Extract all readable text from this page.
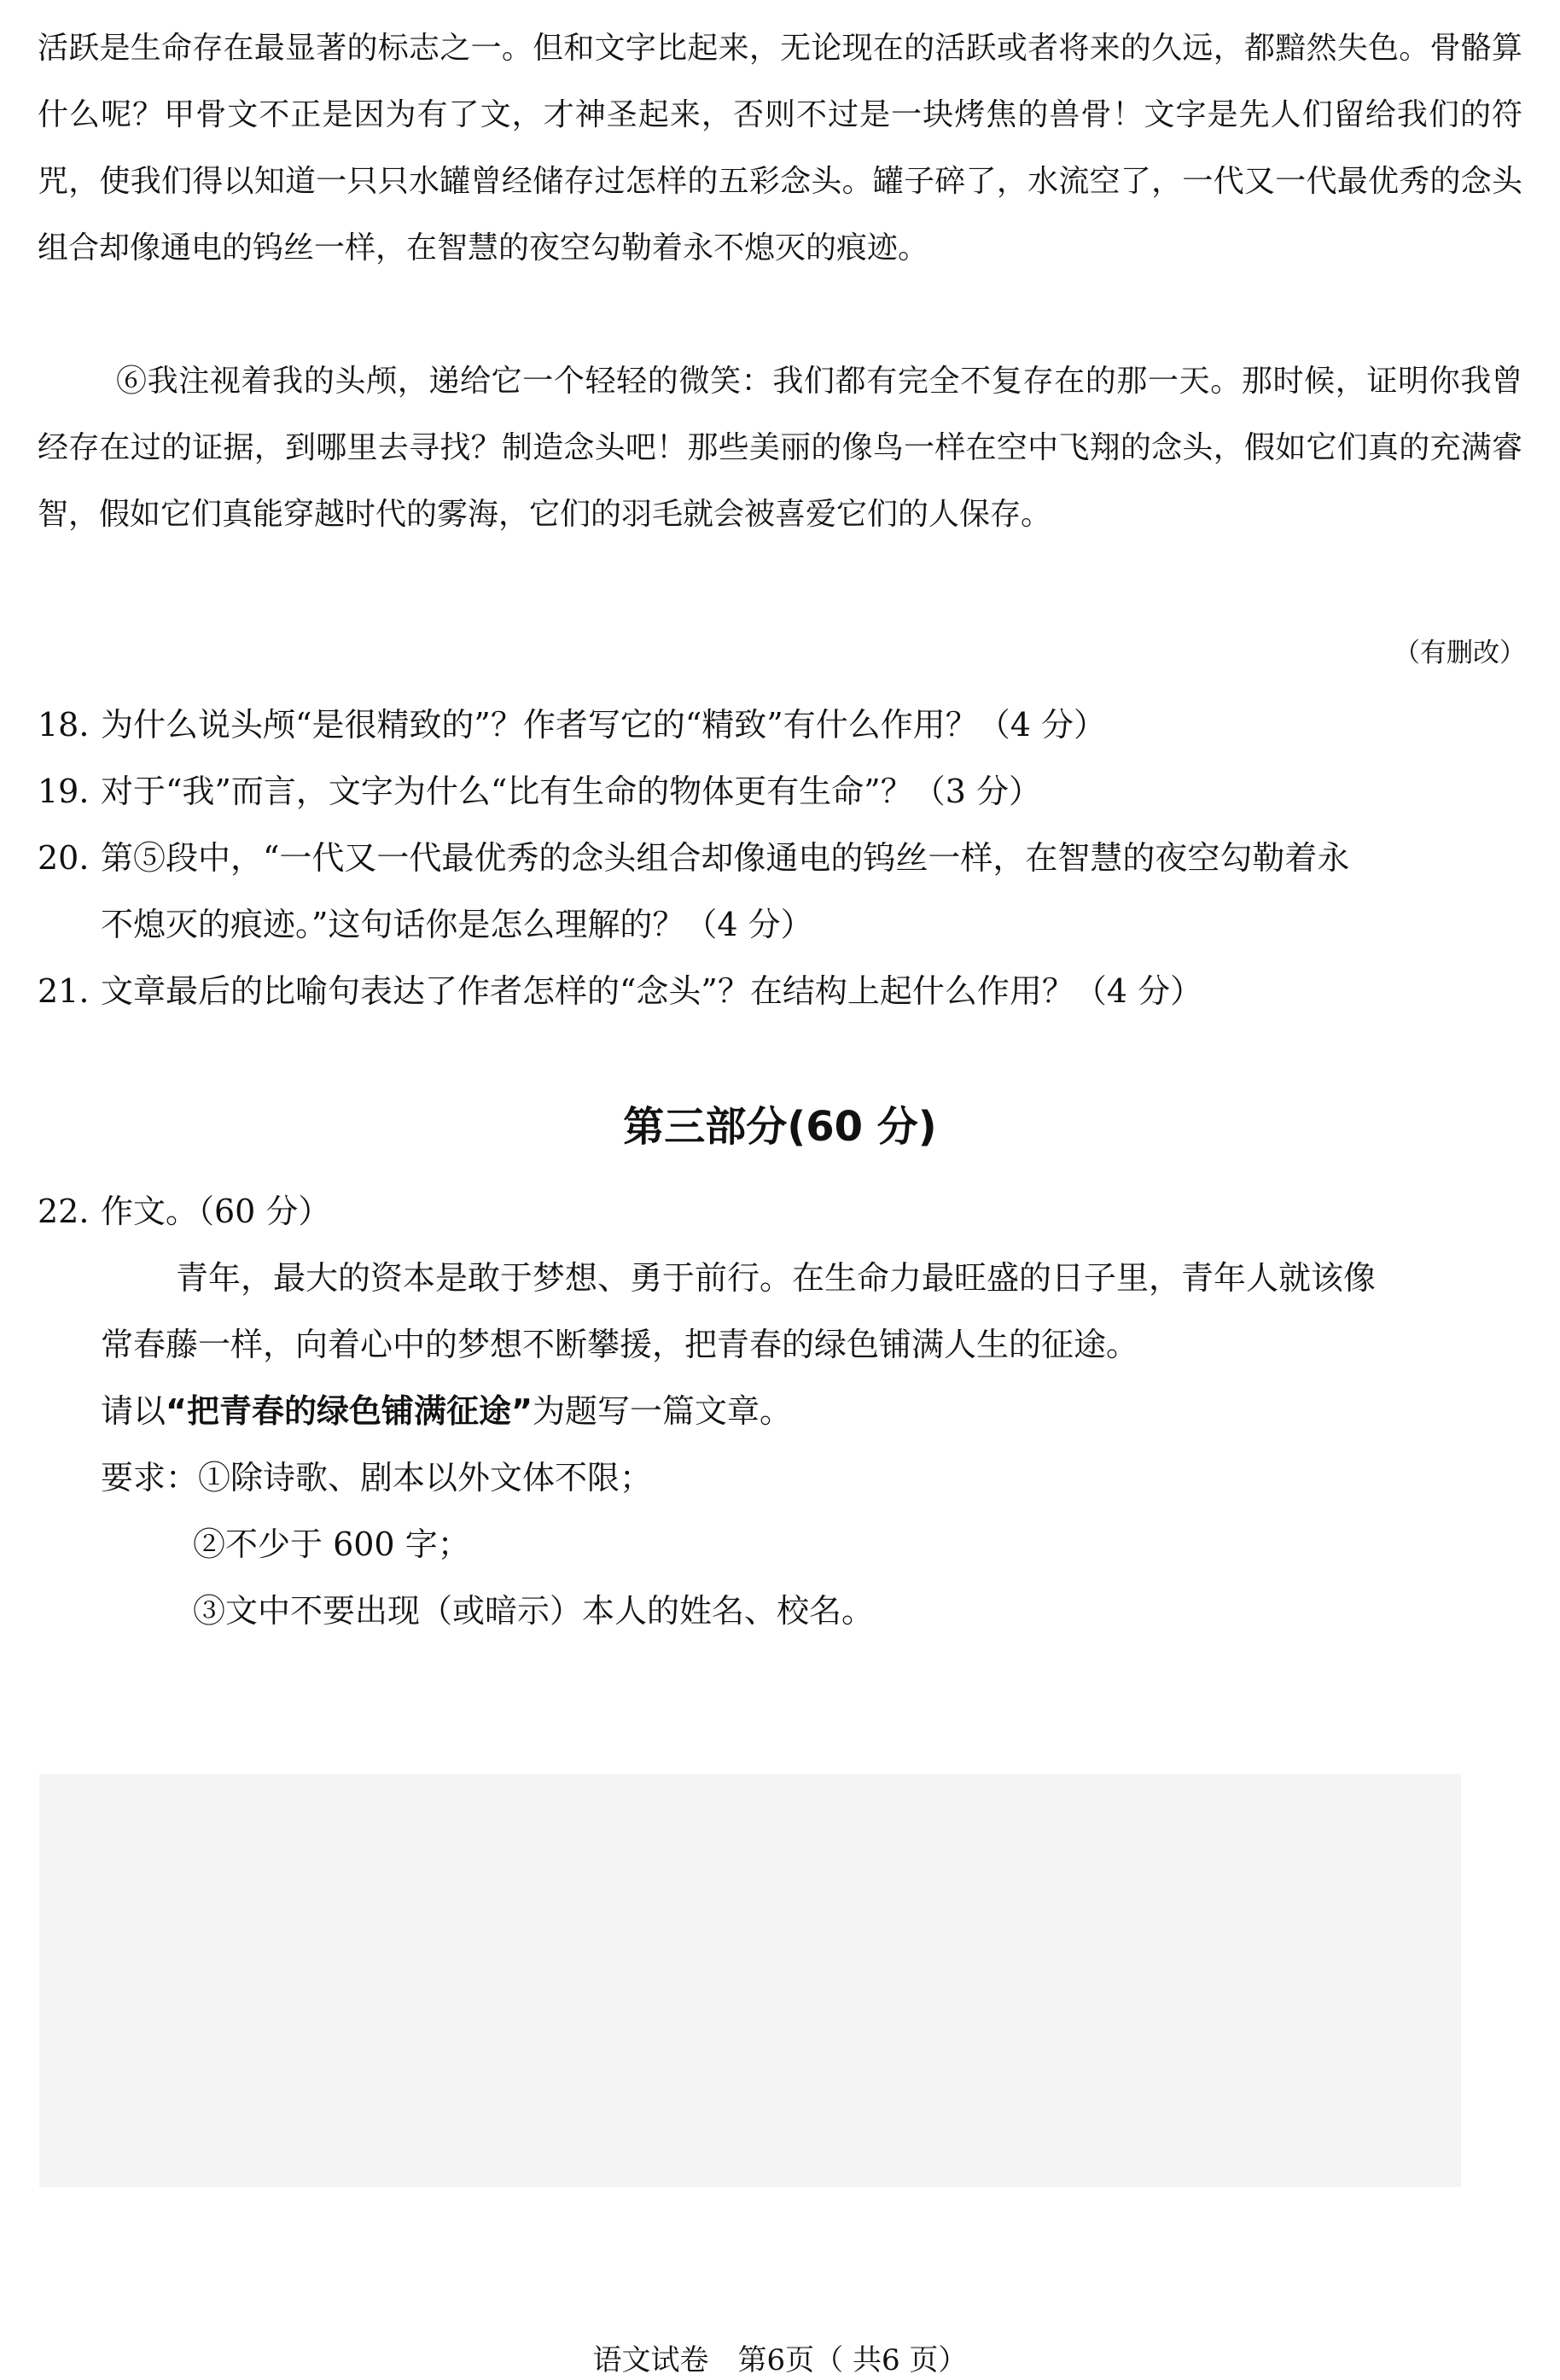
活跃是生命存在最显著的标志之一。但和文字比起来，无论现在的活跃或者将来的久远，都黯然失色。骨骼算什么呢？甲骨文不正是因为有了文，才神圣起来，否则不过是一块烤焦的兽骨！文字是先人们留给我们的符咒，使我们得以知道一只只水罐曾经储存过怎样的五彩念头。罐子碎了，水流空了，一代又一代最优秀的念头组合却像通电的钨丝一样，在智慧的夜空勾勒着永不熄灭的痕迹。

⑥我注视着我的头颅，递给它一个轻轻的微笑：我们都有完全不复存在的那一天。那时候，证明你我曾经存在过的证据，到哪里去寻找？制造念头吧！那些美丽的像鸟一样在空中飞翔的念头，假如它们真的充满睿智，假如它们真能穿越时代的雾海，它们的羽毛就会被喜爱它们的人保存。

（有删改）
18. 为什么说头颅“是很精致的”？作者写它的“精致”有什么作用？（4 分）
19. 对于“我”而言，文字为什么“比有生命的物体更有生命”？（3 分）
20. 第⑤段中，“一代又一代最优秀的念头组合却像通电的钨丝一样，在智慧的夜空勾勒着永
不熄灭的痕迹。”这句话你是怎么理解的？（4 分）
21. 文章最后的比喻句表达了作者怎样的“念头”？在结构上起什么作用？（4 分）
第三部分(60 分)
22. 作文。（60 分）

青年，最大的资本是敢于梦想、勇于前行。在生命力最旺盛的日子里，青年人就该像

常春藤一样，向着心中的梦想不断攀援，把青春的绿色铺满人生的征途。

请以“把青春的绿色铺满征途”为题写一篇文章。

要求：①除诗歌、剧本以外文体不限；

②不少于 600 字；

③文中不要出现（或暗示）本人的姓名、校名。

语文试卷　第6页（ 共6 页）
